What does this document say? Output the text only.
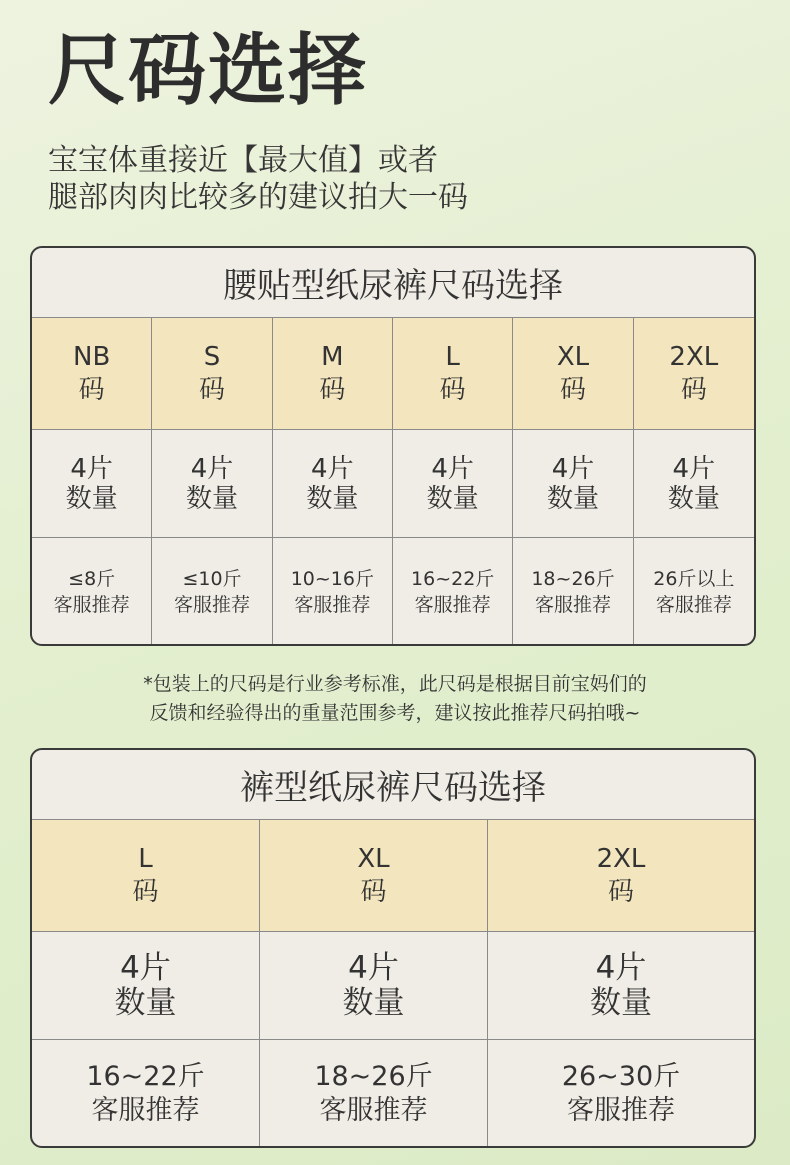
尺码选择
宝宝体重接近【最大值】或者
腿部肉肉比较多的建议拍大一码
腰贴型纸尿裤尺码选择
NB
码
S
码
M
码
L
码
XL
码
2XL
码
4片
数量
4片
数量
4片
数量
4片
数量
4片
数量
4片
数量
≤8斤
客服推荐
≤10斤
客服推荐
10~16斤
客服推荐
16~22斤
客服推荐
18~26斤
客服推荐
26斤以上
客服推荐
*包装上的尺码是行业参考标准，此尺码是根据目前宝妈们的
反馈和经验得出的重量范围参考，建议按此推荐尺码拍哦~
裤型纸尿裤尺码选择
L
码
XL
码
2XL
码
4片
数量
4片
数量
4片
数量
16~22斤
客服推荐
18~26斤
客服推荐
26~30斤
客服推荐
